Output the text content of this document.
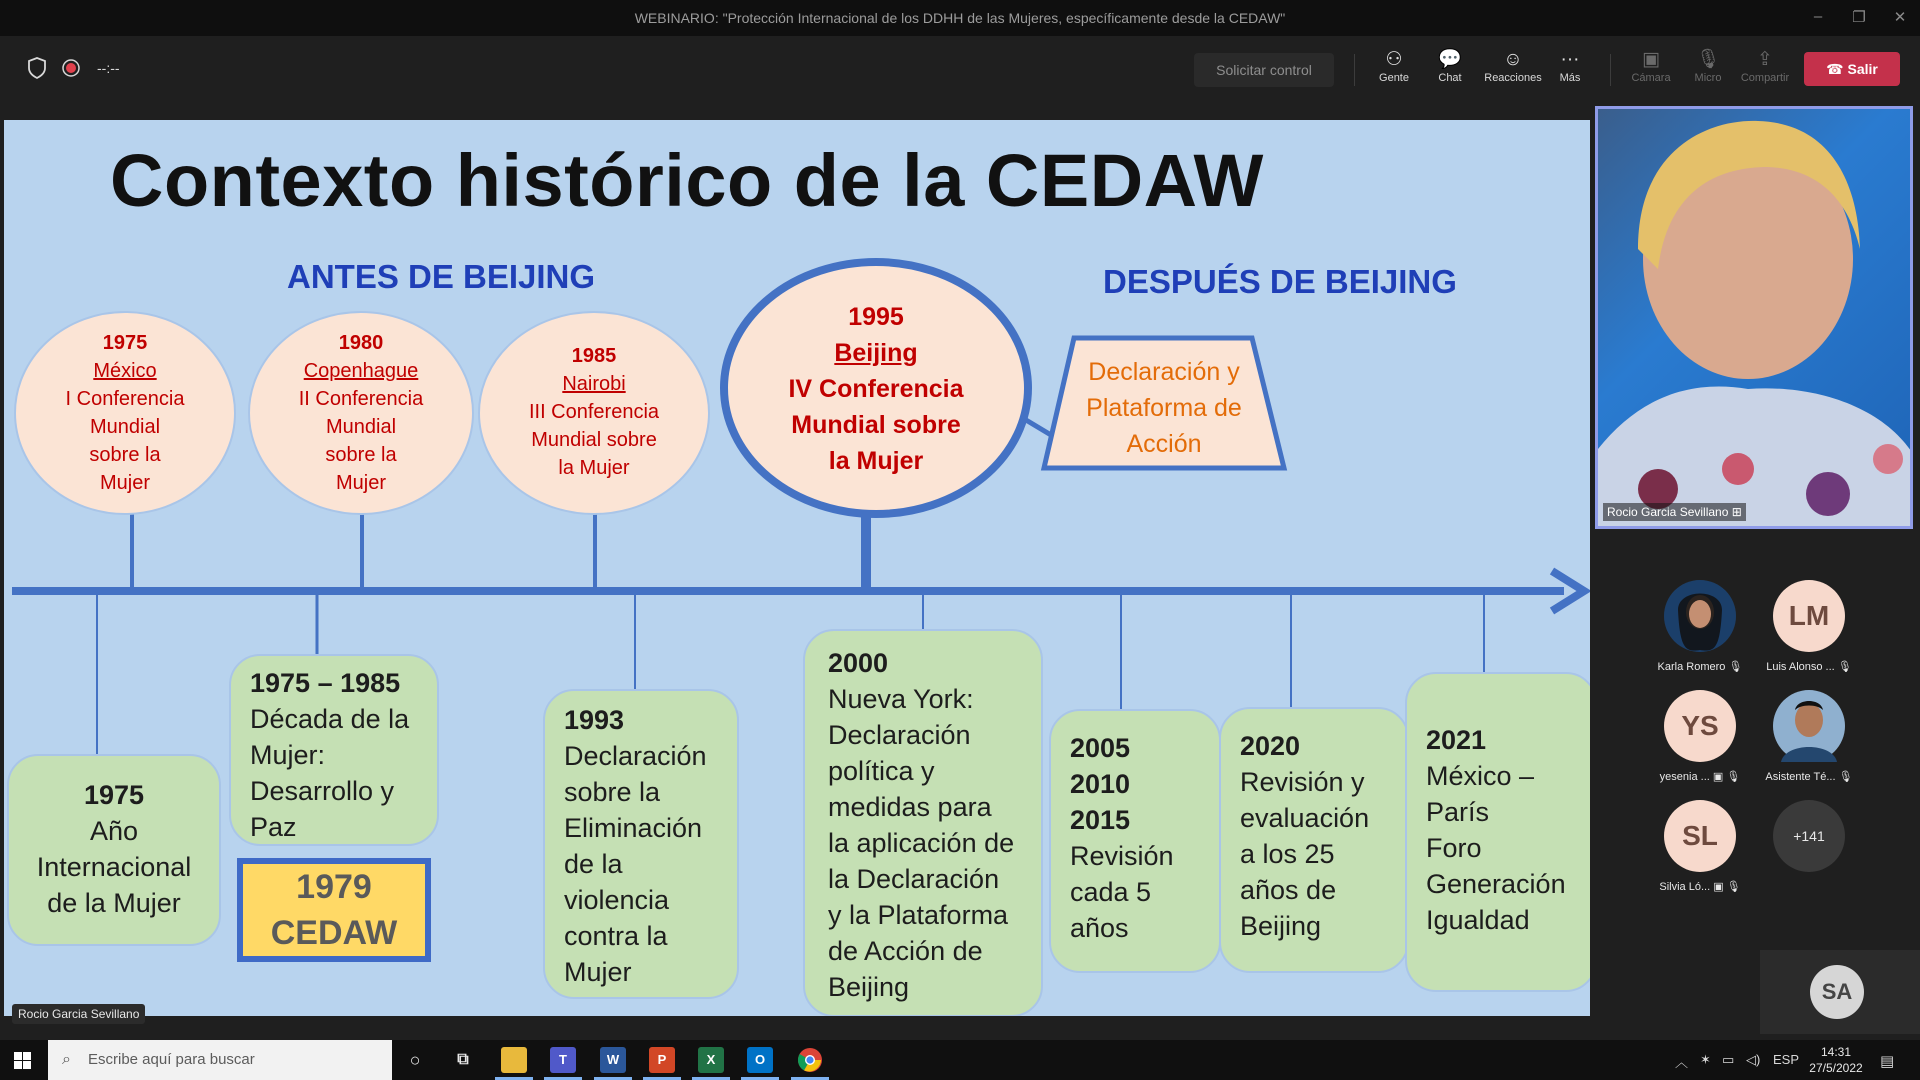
WEBINARIO: "Protección Internacional de los DDHH de las Mujeres, específicamente desde la CEDAW"	–	❐ ✕
--:--	Solicitar control	⚇
Gente
💬
Chat
☺
Reacciones
···
Más
▣
Cámara
🎙
Micro
⇪
Compartir
☎ Salir
Contexto histórico de la CEDAW
ANTES DE BEIJING	DESPUÉS DE BEIJING
1975
México
I Conferencia
Mundial
sobre la
Mujer
1980
Copenhague
II Conferencia
Mundial
sobre la
Mujer
1985
Nairobi
III Conferencia
Mundial sobre
la Mujer
1995
Beijing
IV Conferencia
Mundial sobre
la Mujer
Declaración y
Plataforma de
Acción
1975
Año
Internacional
de la Mujer
1975 – 1985
Década de la
Mujer:
Desarrollo y
Paz
1993
Declaración
sobre la
Eliminación
de la
violencia
contra la
Mujer
2000
Nueva York:
Declaración
política y
medidas para
la aplicación de
la Declaración
y la Plataforma
de Acción de
Beijing
2005
2010
2015
Revisión
cada 5
años
2020
Revisión y
evaluación
a los 25
años de
Beijing
2021
México –
París
Foro
Generación
Igualdad
1979
CEDAW
Rocio Garcia Sevillano
Rocio Garcia Sevillano ⊞
Karla Romero 🎙
LM
Luis Alonso ... 🎙
YS
yesenia ... ▣ 🎙	Asistente Té... 🎙
SL
Silvia Ló... ▣ 🎙
+141
SA
⌕ Escribe aquí para buscar	○	⧉	T	W	P	X	O	︿ ✶ ▭ ◁) ESP	14:31
27/5/2022 ▤
